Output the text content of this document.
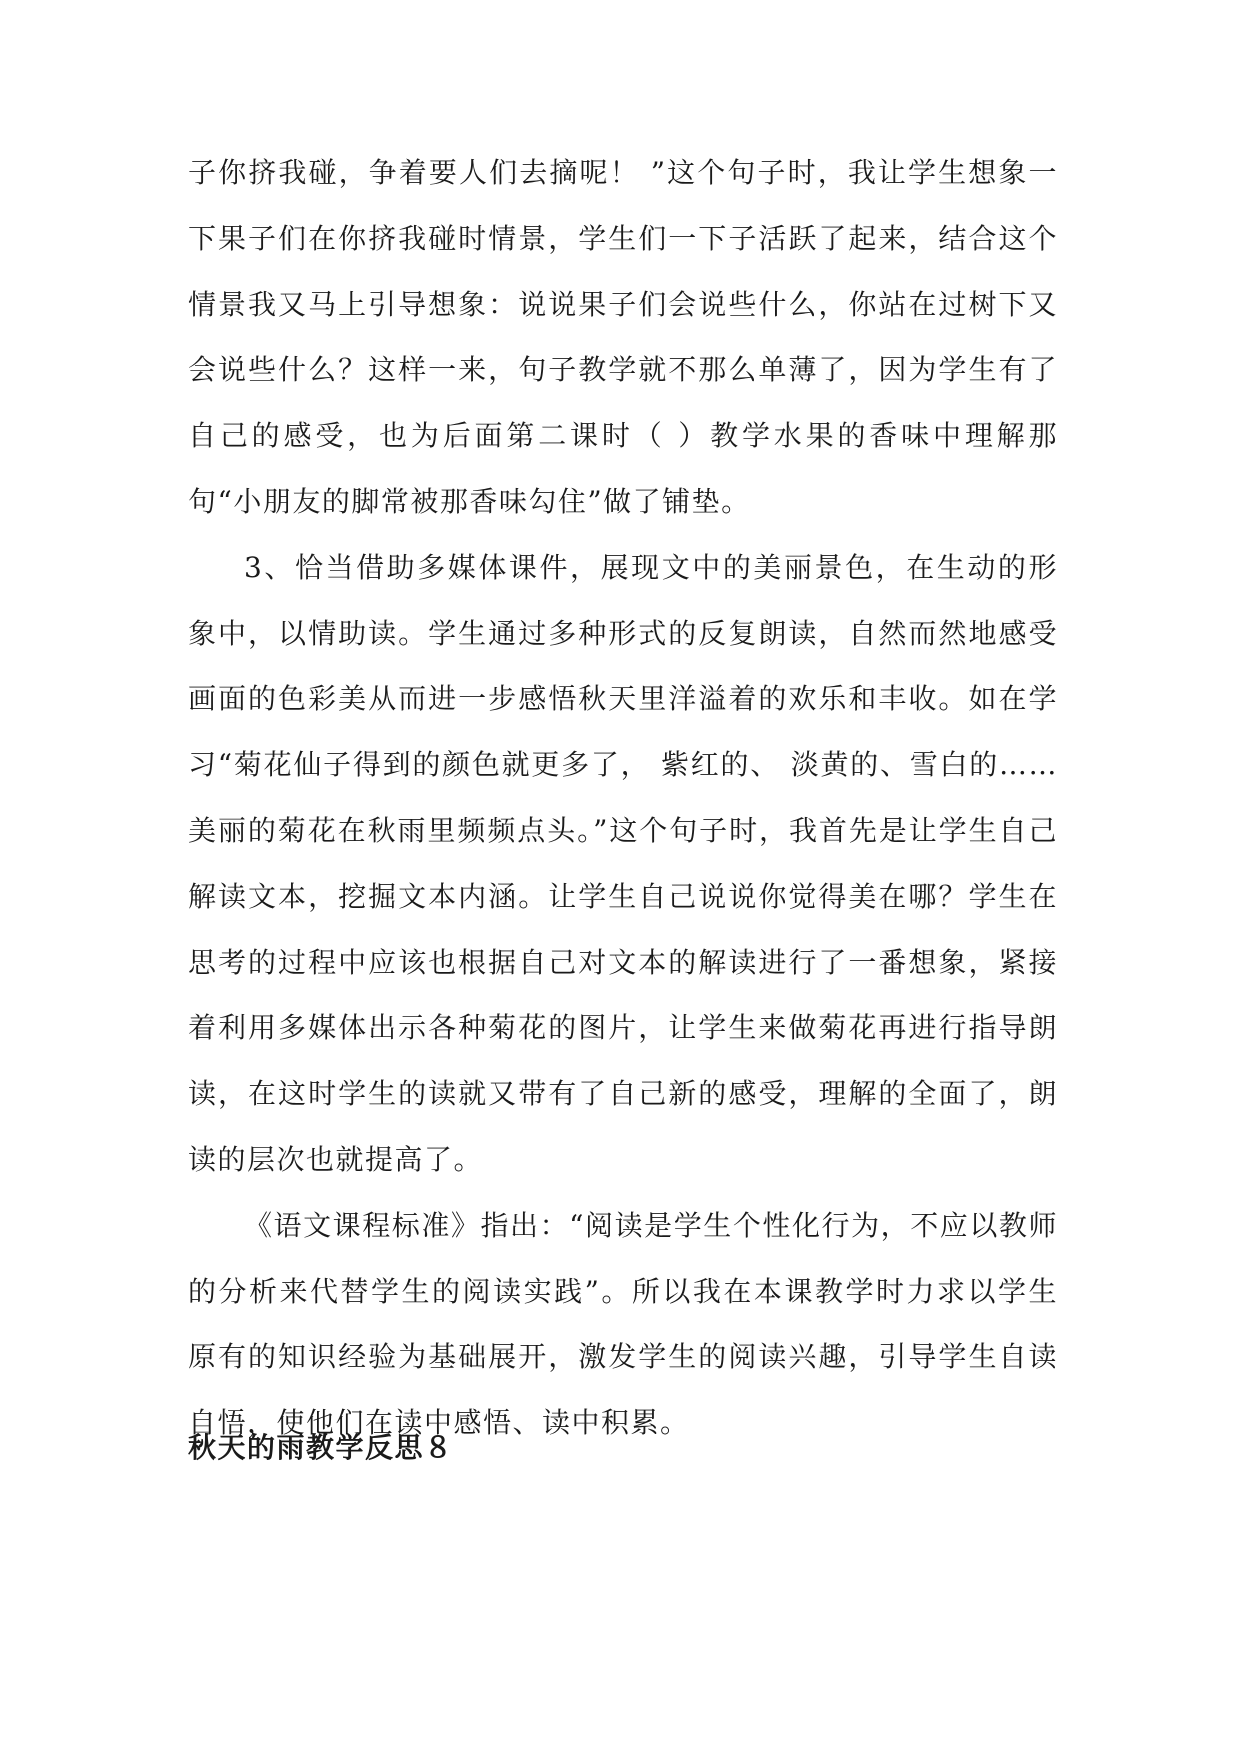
子你挤我碰，争着要人们去摘呢！ ”这个句子时，我让学生想象一下果子们在你挤我碰时情景，学生们一下子活跃了起来，结合这个情景我又马上引导想象：说说果子们会说些什么，你站在过树下又会说些什么？这样一来，句子教学就不那么单薄了，因为学生有了自己的感受，也为后面第二课时（ ）教学水果的香味中理解那句“小朋友的脚常被那香味勾住”做了铺垫。

3、恰当借助多媒体课件，展现文中的美丽景色，在生动的形象中，以情助读。学生通过多种形式的反复朗读，自然而然地感受画面的色彩美从而进一步感悟秋天里洋溢着的欢乐和丰收。如在学习“菊花仙子得到的颜色就更多了， 紫红的、 淡黄的、雪白的……美丽的菊花在秋雨里频频点头。”这个句子时，我首先是让学生自己解读文本，挖掘文本内涵。让学生自己说说你觉得美在哪？学生在思考的过程中应该也根据自己对文本的解读进行了一番想象，紧接着利用多媒体出示各种菊花的图片，让学生来做菊花再进行指导朗读，在这时学生的读就又带有了自己新的感受，理解的全面了，朗读的层次也就提高了。

《语文课程标准》指出：“阅读是学生个性化行为，不应以教师的分析来代替学生的阅读实践”。所以我在本课教学时力求以学生原有的知识经验为基础展开，激发学生的阅读兴趣，引导学生自读自悟，使他们在读中感悟、读中积累。

秋天的雨教学反思８
